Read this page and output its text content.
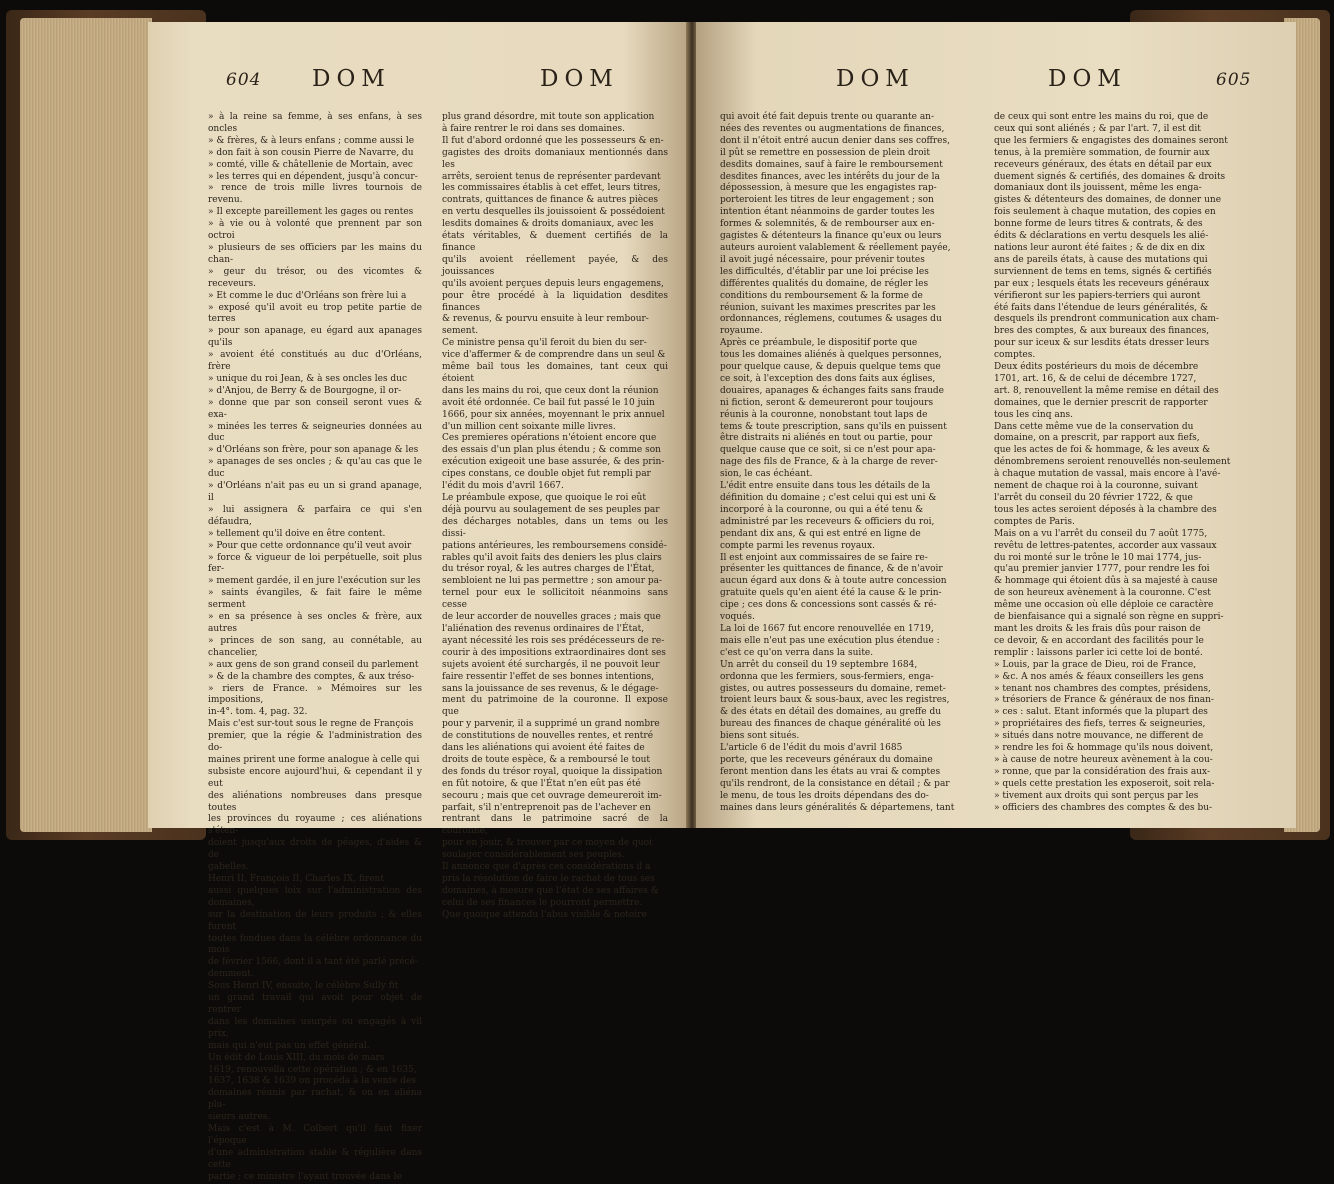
604 DOM	DOM
» à la reine sa femme, à ses enfans, à ses oncles
» & frères, & à leurs enfans ; comme aussi le
» don fait à son cousin Pierre de Navarre, du
» comté, ville & châtellenie de Mortain, avec
» les terres qui en dépendent, jusqu'à concur-
» rence de trois mille livres tournois de revenu.
» Il excepte pareillement les gages ou rentes
» à vie ou à volonté que prennent par son octroi
» plusieurs de ses officiers par les mains du chan-
» geur du trésor, ou des vicomtes & receveurs.
» Et comme le duc d'Orléans son frère lui a
» exposé qu'il avoit eu trop petite partie de terres
» pour son apanage, eu égard aux apanages qu'ils
» avoient été constitués au duc d'Orléans, frère
» unique du roi Jean, & à ses oncles les duc
» d'Anjou, de Berry & de Bourgogne, il or-
» donne que par son conseil seront vues & exa-
» minées les terres & seigneuries données au duc
» d'Orléans son frère, pour son apanage & les
» apanages de ses oncles ; & qu'au cas que le duc
» d'Orléans n'ait pas eu un si grand apanage, il
» lui assignera & parfaira ce qui s'en défaudra,
» tellement qu'il doive en être content.
» Pour que cette ordonnance qu'il veut avoir
» force & vigueur de loi perpétuelle, soit plus fer-
» mement gardée, il en jure l'exécution sur les
» saints évangiles, & fait faire le même serment
» en sa présence à ses oncles & frère, aux autres
» princes de son sang, au connétable, au chancelier,
» aux gens de son grand conseil du parlement
» & de la chambre des comptes, & aux tréso-
» riers de France. » Mémoires sur les impositions,
in-4°. tom. 4, pag. 32.
Mais c'est sur-tout sous le regne de François
premier, que la régie & l'administration des do-
maines prirent une forme analogue à celle qui
subsiste encore aujourd'hui, & cependant il y eut
des aliénations nombreuses dans presque toutes
les provinces du royaume ; ces aliénations s'éten-
doient jusqu'aux droits de péages, d'aides & de
gabelles.
Henri II, François II, Charles IX, firent
aussi quelques loix sur l'administration des domaines,
sur la destination de leurs produits ; & elles furent
toutes fondues dans la célèbre ordonnance du mois
de février 1566, dont il a tant été parlé précé-
demment.
Sous Henri IV, ensuite, le célèbre Sully fit
un grand travail qui avoit pour objet de rentrer
dans les domaines usurpés ou engagés à vil prix,
mais qui n'eut pas un effet général.
Un édit de Louis XIII, du mois de mars
1619, renouvella cette opération ; & en 1635,
1637, 1638 & 1639 on procéda à la vente des
domaines réunis par rachat, & on en aliéna plu-
sieurs autres.
Mais c'est à M. Colbert qu'il faut fixer l'époque
d'une administration stable & régulière dans cette
partie ; ce ministre l'ayant trouvée dans le
plus grand désordre, mit toute son application
à faire rentrer le roi dans ses domaines.
Il fut d'abord ordonné que les possesseurs & en-
gagistes des droits domaniaux mentionnés dans les
arrêts, seroient tenus de représenter pardevant
les commissaires établis à cet effet, leurs titres,
contrats, quittances de finance & autres pièces
en vertu desquelles ils jouissoient & possédoient
lesdits domaines & droits domaniaux, avec les
états véritables, & duement certifiés de la finance
qu'ils avoient réellement payée, & des jouissances
qu'ils avoient perçues depuis leurs engagemens,
pour être procédé à la liquidation desdites finances
& revenus, & pourvu ensuite à leur rembour-
sement.
Ce ministre pensa qu'il feroit du bien du ser-
vice d'affermer & de comprendre dans un seul &
même bail tous les domaines, tant ceux qui étoient
dans les mains du roi, que ceux dont la réunion
avoit été ordonnée. Ce bail fut passé le 10 juin
1666, pour six années, moyennant le prix annuel
d'un million cent soixante mille livres.
Ces premieres opérations n'étoient encore que
des essais d'un plan plus étendu ; & comme son
exécution exigeoit une base assurée, & des prin-
cipes constans, ce double objet fut rempli par
l'édit du mois d'avril 1667.
Le préambule expose, que quoique le roi eût
déjà pourvu au soulagement de ses peuples par
des décharges notables, dans un tems ou les dissi-
pations antérieures, les remboursemens considé-
rables qu'il avoit faits des deniers les plus clairs
du trésor royal, & les autres charges de l'État,
sembloient ne lui pas permettre ; son amour pa-
ternel pour eux le sollicitoit néanmoins sans cesse
de leur accorder de nouvelles graces ; mais que
l'aliénation des revenus ordinaires de l'État,
ayant nécessité les rois ses prédécesseurs de re-
courir à des impositions extraordinaires dont ses
sujets avoient été surchargés, il ne pouvoit leur
faire ressentir l'effet de ses bonnes intentions,
sans la jouissance de ses revenus, & le dégage-
ment du patrimoine de la couronne. Il expose que
pour y parvenir, il a supprimé un grand nombre
de constitutions de nouvelles rentes, et rentré
dans les aliénations qui avoient été faites de
droits de toute espèce, & a remboursé le tout
des fonds du trésor royal, quoique la dissipation
en fût notoire, & que l'État n'en eût pas été
secouru ; mais que cet ouvrage demeureroit im-
parfait, s'il n'entreprenoit pas de l'achever en
rentrant dans le patrimoine sacré de la couronne,
pour en jouir, & trouver par ce moyen de quoi
soulager considérablement ses peuples.
Il annonce que d'après ces considérations il a
pris la résolution de faire le rachat de tous ses
domaines, à mesure que l'état de ses affaires &
celui de ses finances le pourront permettre.
Que quoique attendu l'abus visible & notoire
DOM	DOM	605
qui avoit été fait depuis trente ou quarante an-
nées des reventes ou augmentations de finances,
dont il n'étoit entré aucun denier dans ses coffres,
il pût se remettre en possession de plein droit
desdits domaines, sauf à faire le remboursement
desdites finances, avec les intérêts du jour de la
dépossession, à mesure que les engagistes rap-
porteroient les titres de leur engagement ; son
intention étant néanmoins de garder toutes les
formes & solemnités, & de rembourser aux en-
gagistes & détenteurs la finance qu'eux ou leurs
auteurs auroient valablement & réellement payée,
il avoit jugé nécessaire, pour prévenir toutes
les difficultés, d'établir par une loi précise les
différentes qualités du domaine, de régler les
conditions du remboursement & la forme de
réunion, suivant les maximes prescrites par les
ordonnances, réglemens, coutumes & usages du
royaume.
Après ce préambule, le dispositif porte que
tous les domaines aliénés à quelques personnes,
pour quelque cause, & depuis quelque tems que
ce soit, à l'exception des dons faits aux églises,
douaires, apanages & échanges faits sans fraude
ni fiction, seront & demeureront pour toujours
réunis à la couronne, nonobstant tout laps de
tems & toute prescription, sans qu'ils en puissent
être distraits ni aliénés en tout ou partie, pour
quelque cause que ce soit, si ce n'est pour apa-
nage des fils de France, & à la charge de rever-
sion, le cas échéant.
L'édit entre ensuite dans tous les détails de la
définition du domaine ; c'est celui qui est uni &
incorporé à la couronne, ou qui a été tenu &
administré par les receveurs & officiers du roi,
pendant dix ans, & qui est entré en ligne de
compte parmi les revenus royaux.
Il est enjoint aux commissaires de se faire re-
présenter les quittances de finance, & de n'avoir
aucun égard aux dons & à toute autre concession
gratuite quels qu'en aient été la cause & le prin-
cipe ; ces dons & concessions sont cassés & ré-
voqués.
La loi de 1667 fut encore renouvellée en 1719,
mais elle n'eut pas une exécution plus étendue :
c'est ce qu'on verra dans la suite.
Un arrêt du conseil du 19 septembre 1684,
ordonna que les fermiers, sous-fermiers, enga-
gistes, ou autres possesseurs du domaine, remet-
troient leurs baux & sous-baux, avec les registres,
& des états en détail des domaines, au greffe du
bureau des finances de chaque généralité où les
biens sont situés.
L'article 6 de l'édit du mois d'avril 1685
porte, que les receveurs généraux du domaine
feront mention dans les états au vrai & comptes
qu'ils rendront, de la consistance en détail ; & par
le menu, de tous les droits dépendans des do-
maines dans leurs généralités & départemens, tant
de ceux qui sont entre les mains du roi, que de
ceux qui sont aliénés ; & par l'art. 7, il est dit
que les fermiers & engagistes des domaines seront
tenus, à la première sommation, de fournir aux
receveurs généraux, des états en détail par eux
duement signés & certifiés, des domaines & droits
domaniaux dont ils jouissent, même les enga-
gistes & détenteurs des domaines, de donner une
fois seulement à chaque mutation, des copies en
bonne forme de leurs titres & contrats, & des
édits & déclarations en vertu desquels les alié-
nations leur auront été faites ; & de dix en dix
ans de pareils états, à cause des mutations qui
surviennent de tems en tems, signés & certifiés
par eux ; lesquels états les receveurs généraux
vérifieront sur les papiers-terriers qui auront
été faits dans l'étendue de leurs généralités, &
desquels ils prendront communication aux cham-
bres des comptes, & aux bureaux des finances,
pour sur iceux & sur lesdits états dresser leurs
comptes.
Deux édits postérieurs du mois de décembre
1701, art. 16, & de celui de décembre 1727,
art. 8, renouvellent la même remise en détail des
domaines, que le dernier prescrit de rapporter
tous les cinq ans.
Dans cette même vue de la conservation du
domaine, on a prescrit, par rapport aux fiefs,
que les actes de foi & hommage, & les aveux &
dénombremens seroient renouvellés non-seulement
à chaque mutation de vassal, mais encore à l'avé-
nement de chaque roi à la couronne, suivant
l'arrêt du conseil du 20 février 1722, & que
tous les actes seroient déposés à la chambre des
comptes de Paris.
Mais on a vu l'arrêt du conseil du 7 août 1775,
revêtu de lettres-patentes, accorder aux vassaux
du roi monté sur le trône le 10 mai 1774, jus-
qu'au premier janvier 1777, pour rendre les foi
& hommage qui étoient dûs à sa majesté à cause
de son heureux avènement à la couronne. C'est
même une occasion où elle déploie ce caractère
de bienfaisance qui a signalé son règne en suppri-
mant les droits & les frais dûs pour raison de
ce devoir, & en accordant des facilités pour le
remplir : laissons parler ici cette loi de bonté.
» Louis, par la grace de Dieu, roi de France,
» &c. A nos amés & féaux conseillers les gens
» tenant nos chambres des comptes, présidens,
» trésoriers de France & généraux de nos finan-
» ces : salut. Etant informés que la plupart des
» propriétaires des fiefs, terres & seigneuries,
» situés dans notre mouvance, ne different de
» rendre les foi & hommage qu'ils nous doivent,
» à cause de notre heureux avènement à la cou-
» ronne, que par la considération des frais aux-
» quels cette prestation les exposeroit, soit rela-
» tivement aux droits qui sont perçus par les
» officiers des chambres des comptes & des bu-
